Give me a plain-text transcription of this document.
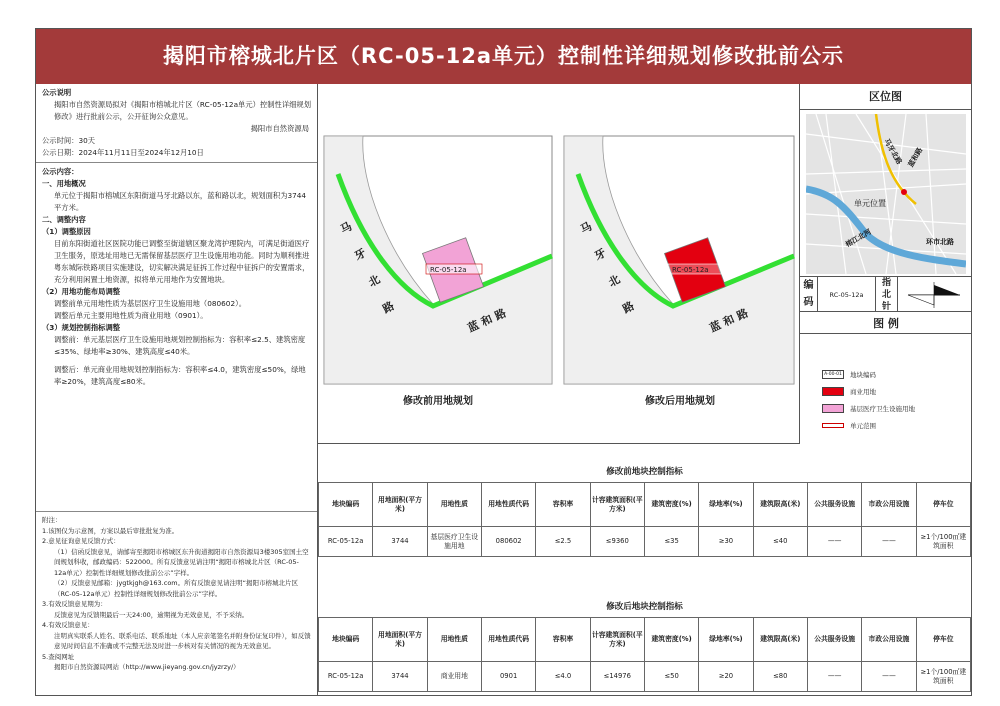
揭阳市榕城北片区（RC-05-12a单元）控制性详细规划修改批前公示

公示说明

揭阳市自然资源局拟对《揭阳市榕城北片区（RC-05-12a单元）控制性详细规划修改》进行批前公示，公开征询公众意见。

揭阳市自然资源局

公示时间：30天

公示日期：2024年11月11日至2024年12月10日

公示内容：

一、用地概况

单元位于揭阳市榕城区东阳街道马牙北路以东，蓝和路以北，规划面积为3744平方米。

二、调整内容

（1）调整原因

目前东阳街道社区医院功能已调整至街道辖区聚龙湾护理院内，可满足街道医疗卫生服务，原选址用地已无需保留基层医疗卫生设施用地功能。同时为顺利推进粤东城际铁路项目实施建设，切实解决满足征拆工作过程中征拆户的安置需求，充分利用闲置土地资源，拟将单元用地作为安置地块。

（2）用地功能布局调整

调整前单元用地性质为基层医疗卫生设施用地（080602）。

调整后单元主要用地性质为商业用地（0901）。

（3）规划控制指标调整

调整前：单元基层医疗卫生设施用地规划控制指标为：容积率≤2.5、建筑密度≤35%、绿地率≥30%、建筑高度≤40米。

调整后：单元商业用地规划控制指标为：容积率≤4.0，建筑密度≤50%，绿地率≥20%，建筑高度≤80米。

附注：

1.该图仅为示意图，方案以最后审批批复为准。

2.意见征询意见反馈方式：

（1）信函反馈意见，请邮寄至揭阳市榕城区东升街道揭阳市自然资源局3楼305室国土空间规划科收，邮政编码：522000。所有反馈意见请注明“揭阳市榕城北片区（RC-05-12a单元）控制性详细规划修改批前公示”字样。

（2）反馈意见邮箱：jygtkjgh@163.com。所有反馈意见请注明“揭阳市榕城北片区（RC-05-12a单元）控制性详细规划修改批前公示”字样。

3.有效反馈意见期为：

反馈意见为反馈期最后一天24:00，逾期视为无效意见，不予采纳。

4.有效反馈意见：

注明真实联系人姓名、联系电话、联系地址（本人应亲笔签名并附身份证复印件），如反馈意见时间信息不准确或不完整无法及时进一步核对有关情况的视为无效意见。

5.查阅网址

揭阳市自然资源局网站（http://www.jieyang.gov.cn/jyzrzy/）

RC-05-12a
马牙北路	蓝 和 路
修改前用地规划
RC-05-12a
马牙北路	蓝 和 路
修改后用地规划
区位图
单元位置
马牙北路 蓝和路
环市北路
榕江北河
编
码
RC-05-12a
指
北
针
图 例
A-00-01	地块编码
商业用地
基层医疗卫生设施用地
单元范围
修改前地块控制指标
地块编码	用地面积(平方米)	用地性质	用地性质代码	容积率	计容建筑面积(平方米)	建筑密度(%)	绿地率(%)	建筑限高(米)	公共服务设施	市政公用设施	停车位
RC-05-12a	3744	基层医疗卫生设施用地	080602	≤2.5	≤9360	≤35	≥30	≤40	——	——	≥1个/100㎡建筑面积
修改后地块控制指标
地块编码	用地面积(平方米)	用地性质	用地性质代码	容积率	计容建筑面积(平方米)	建筑密度(%)	绿地率(%)	建筑限高(米)	公共服务设施	市政公用设施	停车位
RC-05-12a	3744	商业用地	0901	≤4.0	≤14976	≤50	≥20	≤80	——	——	≥1个/100㎡建筑面积
